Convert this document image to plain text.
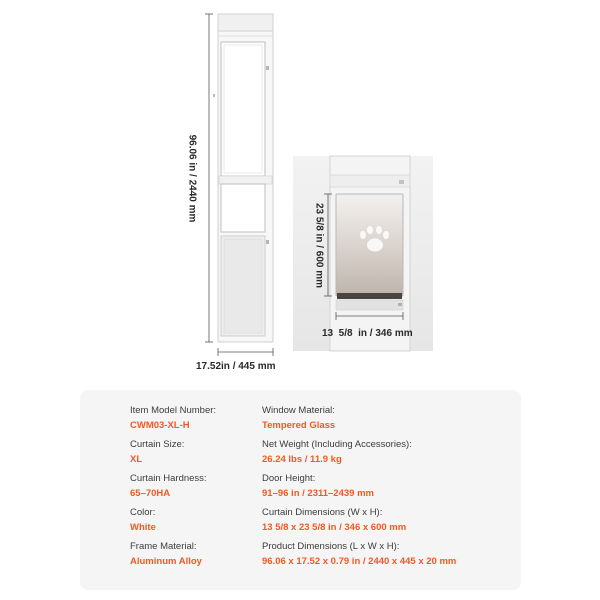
96.06 in / 2440 mm
17.52in / 445 mm
23 5/8 in / 600 mm
13  5/8  in / 346 mm
Item Model Number:
CWM03-XL-H
Curtain Size:
XL
Curtain Hardness:
65–70HA
Color:
White
Frame Material:
Aluminum Alloy
Window Material:
Tempered Glass
Net Weight (Including Accessories):
26.24 lbs / 11.9 kg
Door Height:
91–96 in / 2311–2439 mm
Curtain Dimensions (W x H):
13 5/8 x 23 5/8 in / 346 x 600 mm
Product Dimensions (L x W x H):
96.06 x 17.52 x 0.79 in / 2440 x 445 x 20 mm
